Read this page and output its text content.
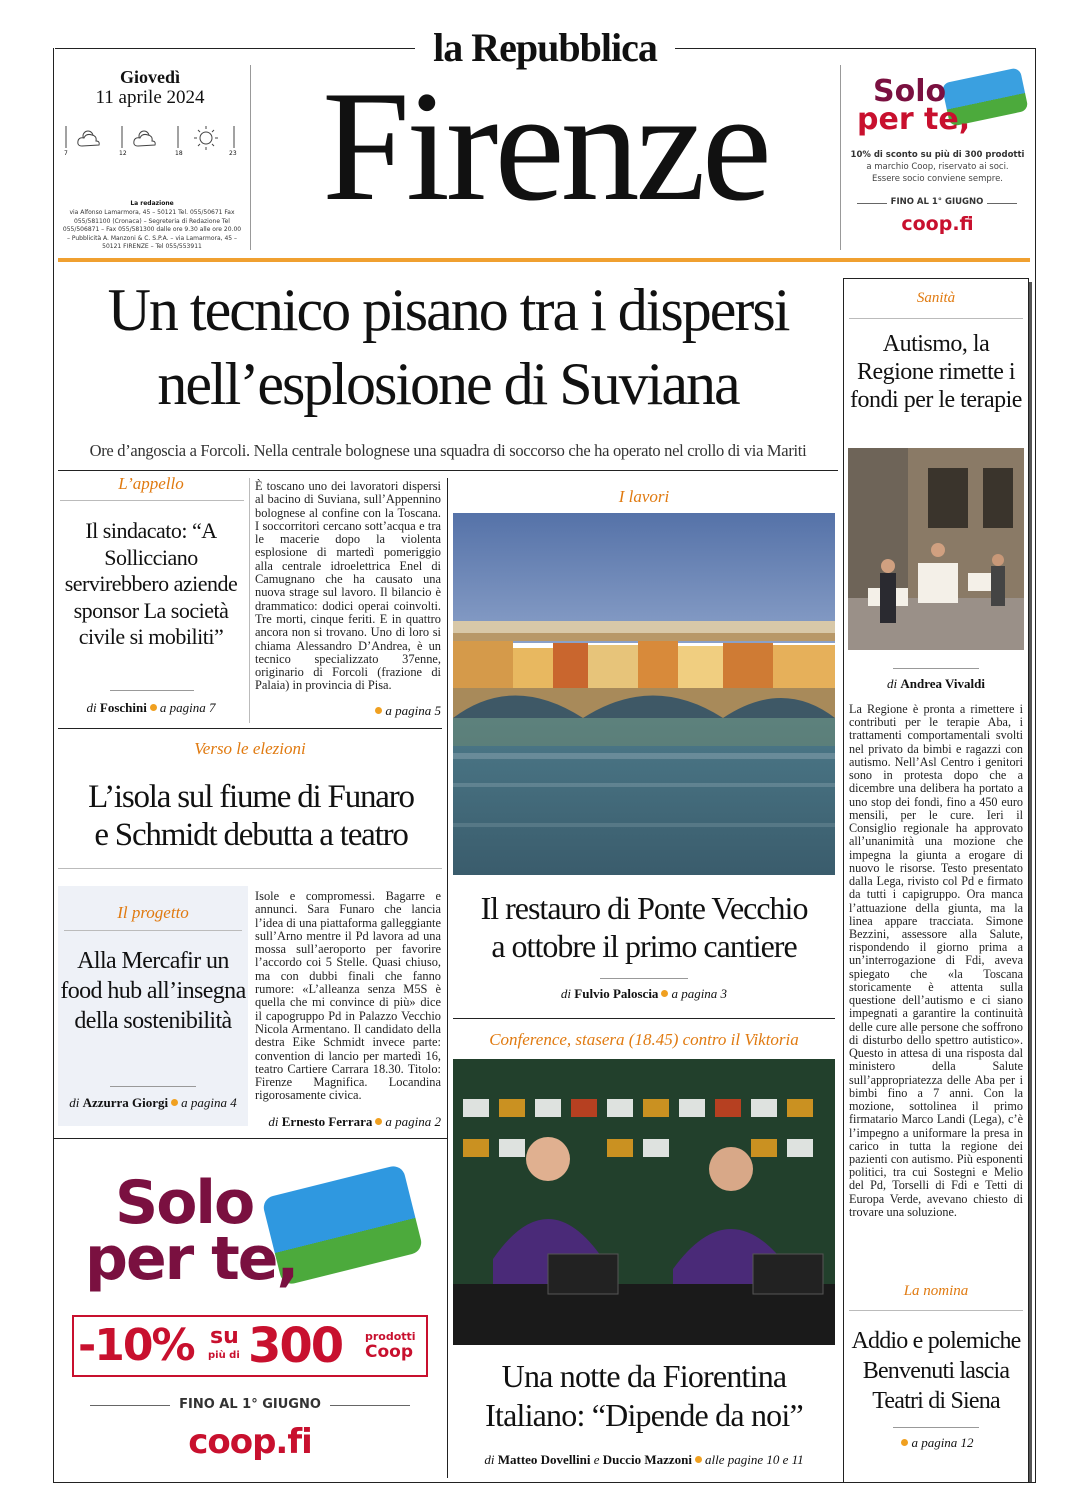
la Repubblica
Giovedì
11 aprile 2024
7	12	18	23
La redazione
via Alfonso Lamarmora, 45 – 50121 Tel. 055/50671 Fax 055/581100 (Cronaca) – Segreteria di Redazione Tel 055/506871 – Fax 055/581300 dalle ore 9.30 alle ore 20.00 – Pubblicità A. Manzoni & C. S.P.A. – via Lamarmora, 45 – 50121 FIRENZE – Tel 055/553911
Firenze	Solo
per te,
10% di sconto su più di 300 prodotti
a marchio Coop, riservato ai soci.
Essere socio conviene sempre.
FINO AL 1° GIUGNO
coop.fi
Un tecnico pisano tra i dispersi
nell’esplosione di Suviana
Ore d’angoscia a Forcoli. Nella centrale bolognese una squadra di soccorso che ha operato nel crollo di via Mariti
L’appello
Il sindacato: “A Sollicciano servirebbero aziende sponsor La società civile si mobiliti”
di Foschini a pagina 7
È toscano uno dei lavoratori dispersi al bacino di Suviana, sull’Appennino bolognese al confine con la Toscana. I soccorritori cercano sott’acqua e tra le macerie dopo la violenta esplosione di martedì pomeriggio alla centrale idroelettrica Enel di Camugnano che ha causato una nuova strage sul lavoro. Il bilancio è drammatico: dodici operai coinvolti. Tre morti, cinque feriti. E in quattro ancora non si trovano. Uno di loro si chiama Alessandro D’Andrea, è un tecnico specializzato 37enne, originario di Forcoli (frazione di Palaia) in provincia di Pisa.
a pagina 5
Verso le elezioni
L’isola sul fiume di Funaro
e Schmidt debutta a teatro
Il progetto
Alla Mercafir un food hub all’insegna della sostenibilità
di Azzurra Giorgi a pagina 4
Isole e compromessi. Bagarre e annunci. Sara Funaro che lancia l’idea di una piattaforma galleggiante sull’Arno mentre il Pd lavora ad una mossa sull’aeroporto per favorire l’accordo coi 5 Stelle. Quasi chiuso, ma con dubbi finali che fanno rumore: «L’alleanza senza M5S è quella che mi convince di più» dice il capogruppo Pd in Palazzo Vecchio Nicola Armentano. Il candidato della destra Eike Schmidt invece parte: convention di lancio per martedì 16, teatro Cartiere Carrara 18.30. Titolo: Firenze Magnifica. Locandina rigorosamente civica.
di Ernesto Ferrara a pagina 2
I lavori
Il restauro di Ponte Vecchio
a ottobre il primo cantiere
di Fulvio Paloscia a pagina 3
Conference, stasera (18.45) contro il Viktoria
Una notte da Fiorentina
Italiano: “Dipende da noi”
di Matteo Dovellini e Duccio Mazzoni alle pagine 10 e 11
Sanità
Autismo, la Regione rimette i fondi per le terapie
di Andrea Vivaldi
La Regione è pronta a rimettere i contributi per le terapie Aba, i trattamenti comportamentali svolti nel privato da bimbi e ragazzi con autismo. Nell’Asl Centro i genitori sono in protesta dopo che a dicembre una delibera ha portato a uno stop dei fondi, fino a 450 euro mensili, per le cure. Ieri il Consiglio regionale ha approvato all’unanimità una mozione che impegna la giunta a erogare di nuovo le risorse. Testo presentato dalla Lega, rivisto col Pd e firmato da tutti i capigruppo. Ora manca l’attuazione della giunta, ma la linea appare tracciata. Simone Bezzini, assessore alla Salute, rispondendo il giorno prima a un’interrogazione di Fdi, aveva spiegato che «la Toscana storicamente è attenta sulla questione dell’autismo e ci siano impegnati a garantire la continuità delle cure alle persone che soffrono di disturbo dello spettro autistico». Questo in attesa di una risposta dal ministero della Salute sull’appropriatezza delle Aba per i bimbi fino a 7 anni. Con la mozione, sottolinea il primo firmatario Marco Landi (Lega), c’è l’impegno a uniformare la presa in carico in tutta la regione dei pazienti con autismo. Più esponenti politici, tra cui Sostegni e Melio del Pd, Torselli di Fdi e Tetti di Europa Verde, avevano chiesto di trovare una soluzione.
La nomina
Addio e polemiche Benvenuti lascia Teatri di Siena
a pagina 12
Solo
per te,
-10% su
più di 300 prodotti
Coop
FINO AL 1° GIUGNO
coop.fi
